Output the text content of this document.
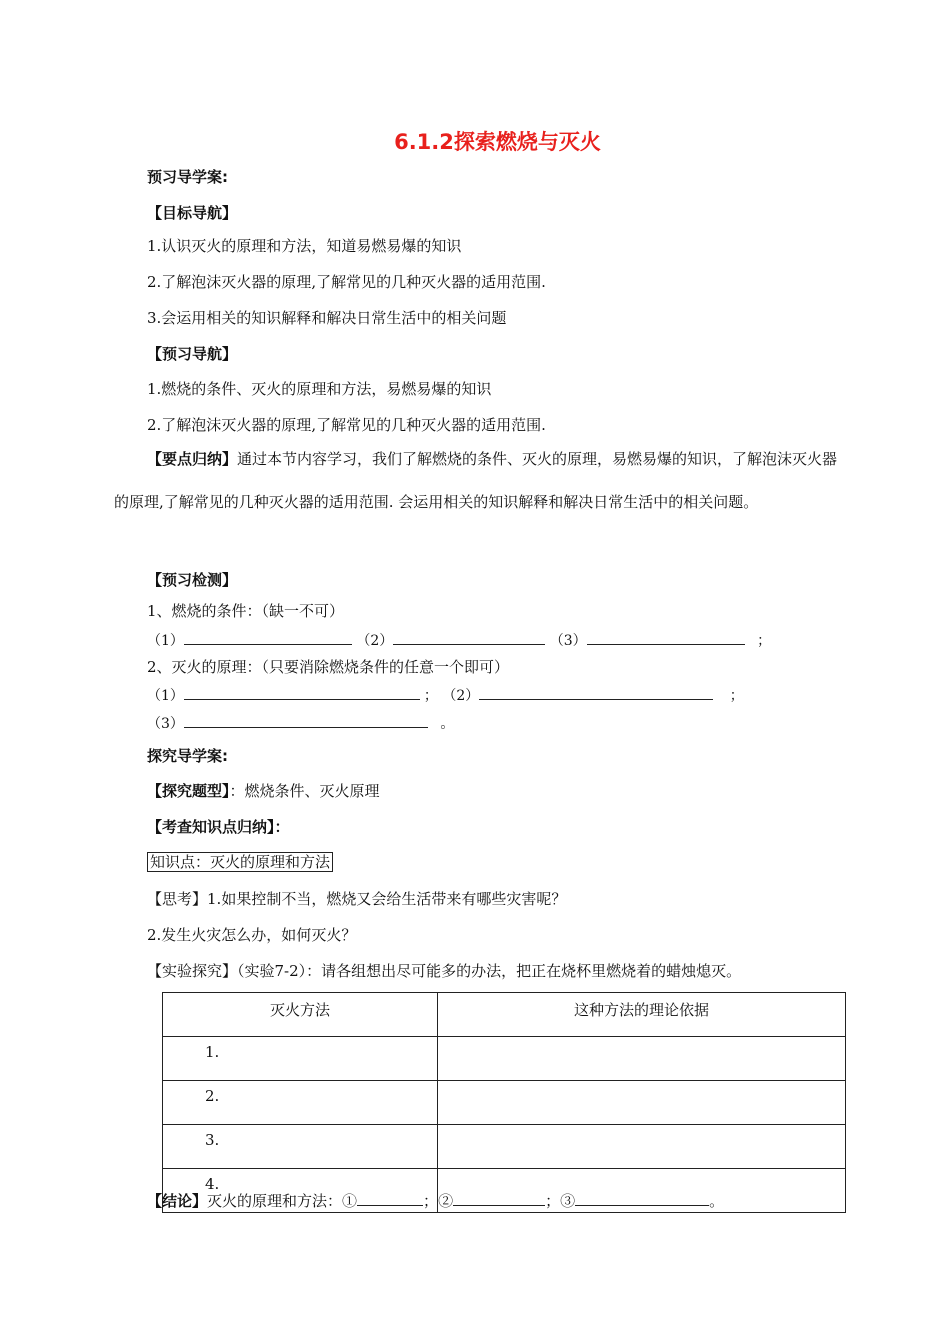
6.1.2探索燃烧与灭火
预习导学案:
【目标导航】
1.认识灭火的原理和方法，知道易燃易爆的知识
2.了解泡沫灭火器的原理,了解常见的几种灭火器的适用范围.
3.会运用相关的知识解释和解决日常生活中的相关问题
【预习导航】
1.燃烧的条件、灭火的原理和方法，易燃易爆的知识
2.了解泡沫灭火器的原理,了解常见的几种灭火器的适用范围.
【要点归纳】通过本节内容学习，我们了解燃烧的条件、灭火的原理，易燃易爆的知识，了解泡沫灭火器的原理,了解常见的几种灭火器的适用范围. 会运用相关的知识解释和解决日常生活中的相关问题。
【预习检测】
1、燃烧的条件：（缺一不可）
（1）	（2）	（3）	；
2、灭火的原理：（只要消除燃烧条件的任意一个即可）
（1）	； （2）	；
（3）	。
探究导学案:
【探究题型】：燃烧条件、灭火原理
【考查知识点归纳】：
知识点：灭火的原理和方法
【思考】1.如果控制不当，燃烧又会给生活带来有哪些灾害呢？
2.发生火灾怎么办，如何灭火？
【实验探究】（实验7-2）：请各组想出尽可能多的办法，把正在烧杯里燃烧着的蜡烛熄灭。
灭火方法	这种方法的理论依据
1.	
2.	
3.	
4.	
【结论】灭火的原理和方法：①	；②	；③	。
